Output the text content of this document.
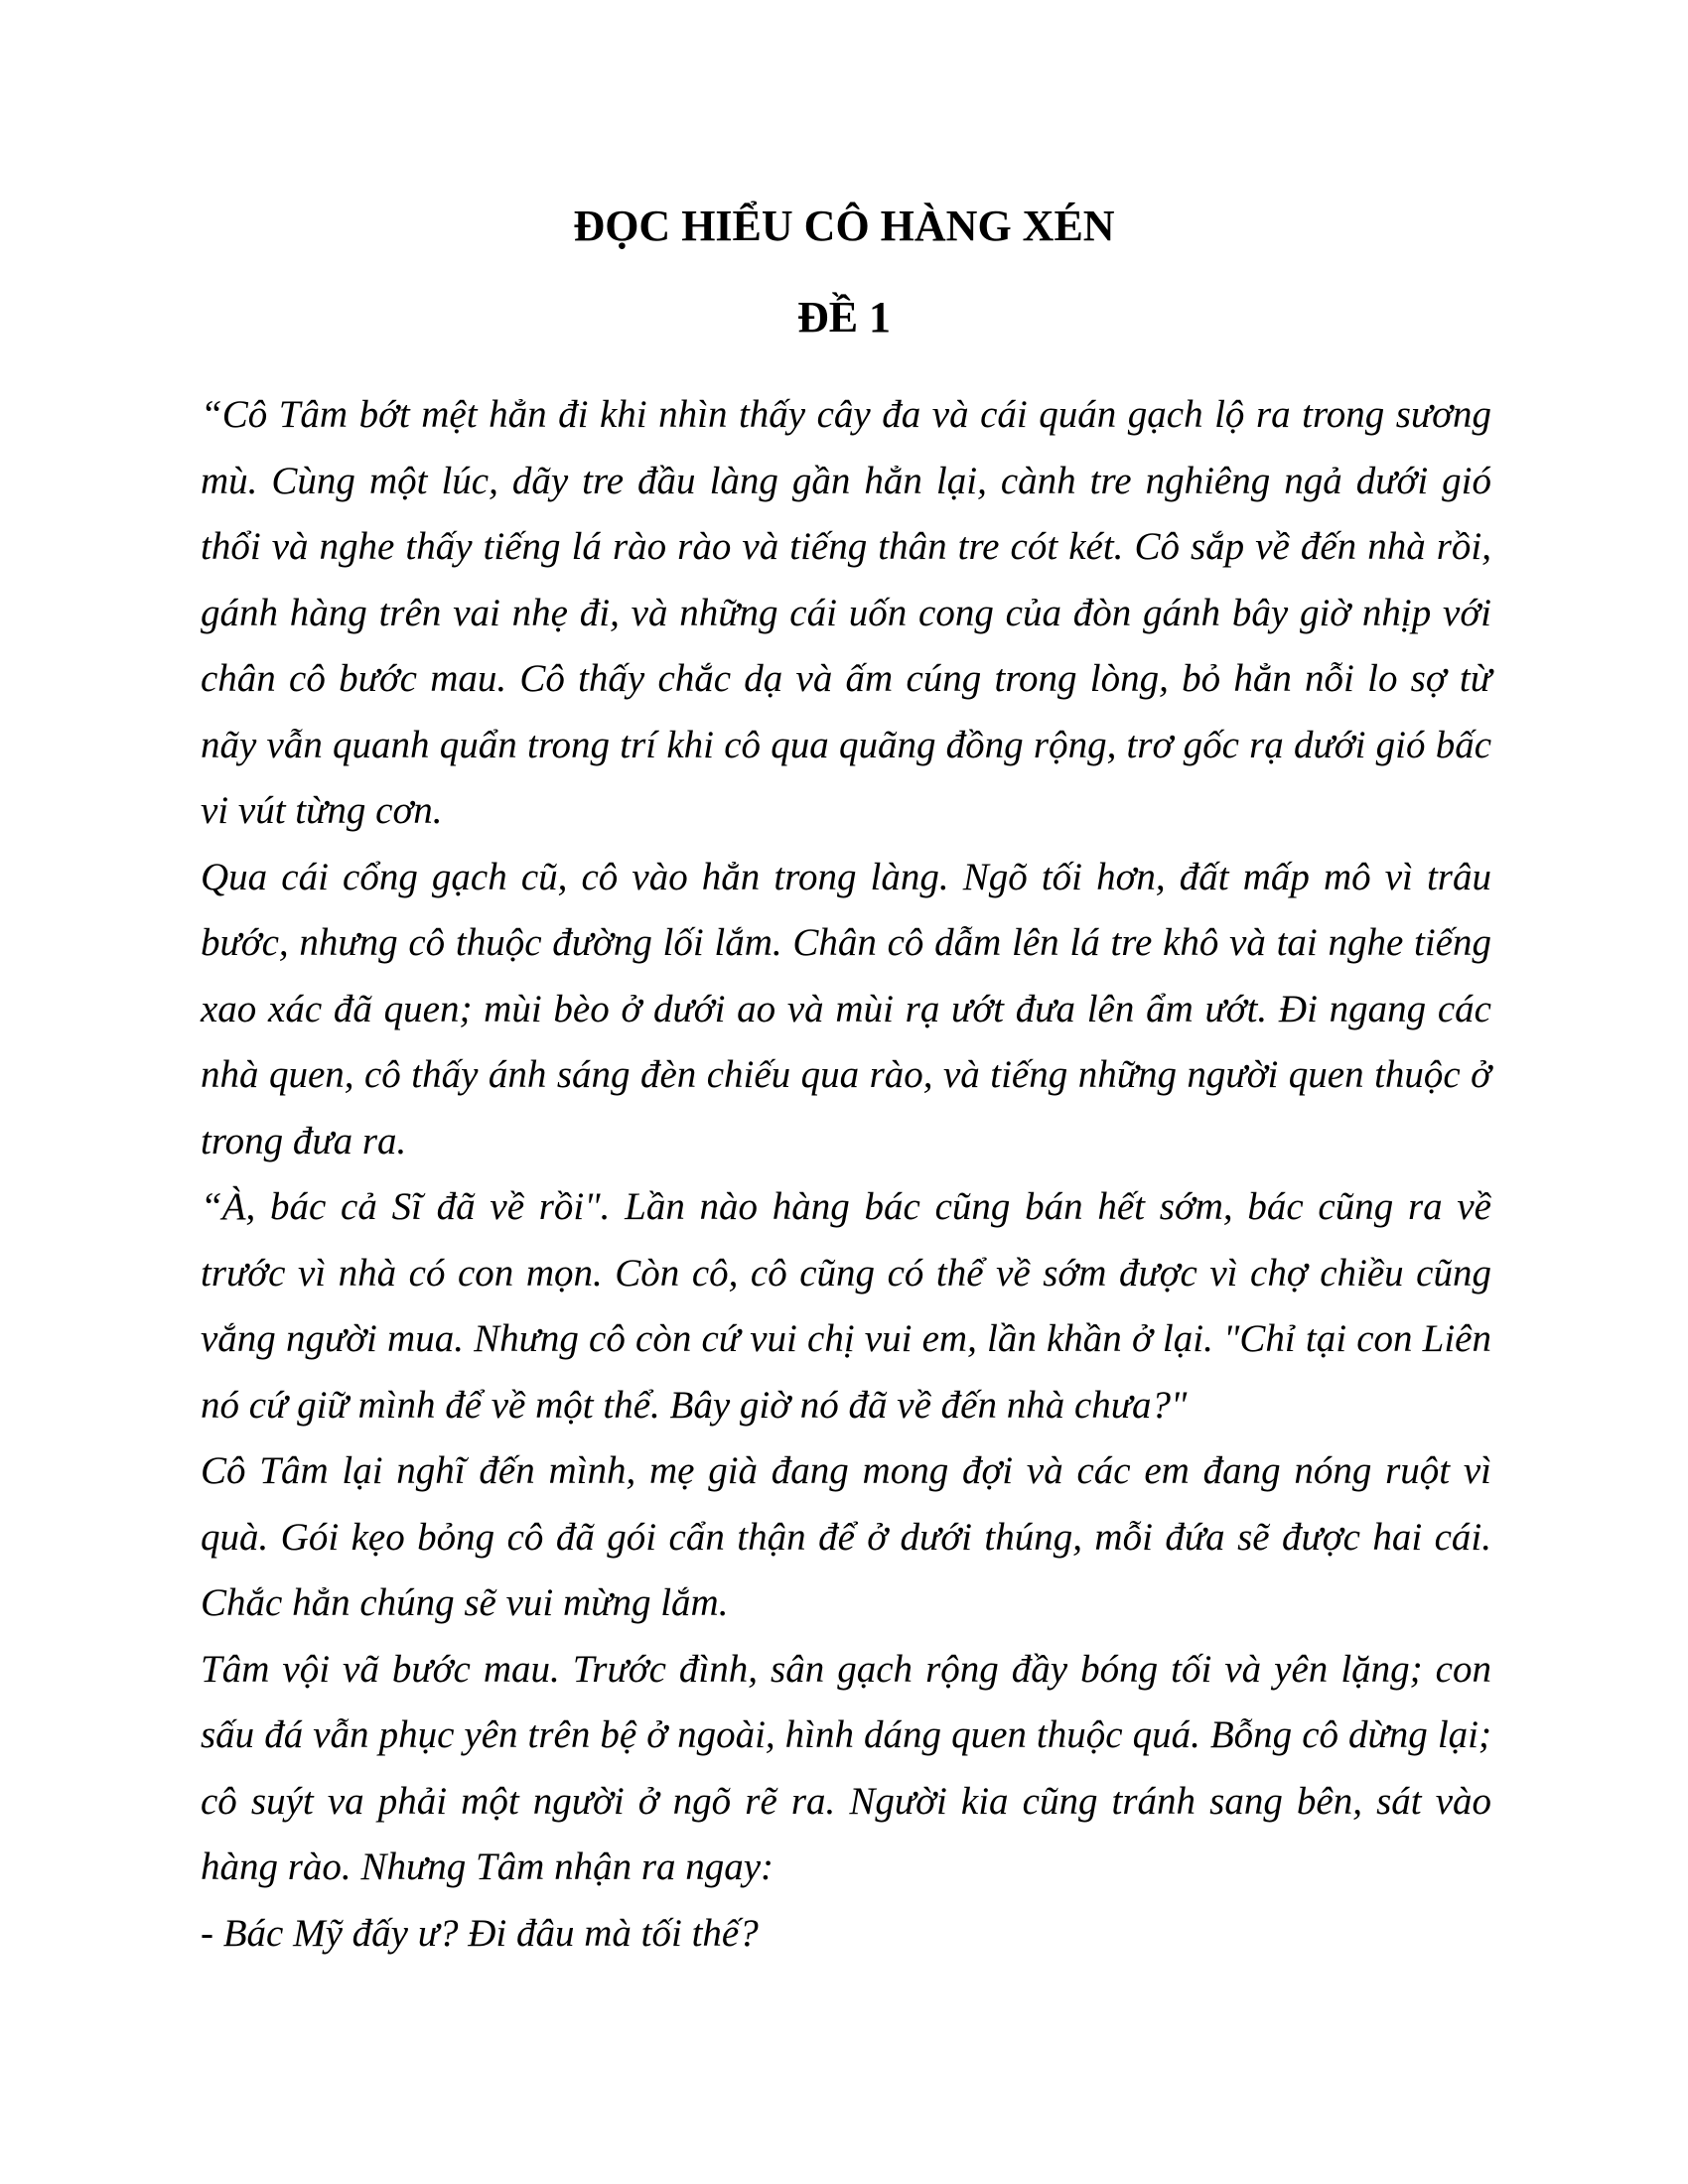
ĐỌC HIỂU CÔ HÀNG XÉN
ĐỀ 1

“Cô Tâm bớt mệt hẳn đi khi nhìn thấy cây đa và cái quán gạch lộ ra trong sương mù. Cùng một lúc, dãy tre đầu làng gần hẳn lại, cành tre nghiêng ngả dưới gió thổi và nghe thấy tiếng lá rào rào và tiếng thân tre cót két. Cô sắp về đến nhà rồi, gánh hàng trên vai nhẹ đi, và những cái uốn cong của đòn gánh bây giờ nhịp với chân cô bước mau. Cô thấy chắc dạ và ấm cúng trong lòng, bỏ hẳn nỗi lo sợ từ nãy vẫn quanh quẩn trong trí khi cô qua quãng đồng rộng, trơ gốc rạ dưới gió bấc vi vút từng cơn.

Qua cái cổng gạch cũ, cô vào hẳn trong làng. Ngõ tối hơn, đất mấp mô vì trâu bước, nhưng cô thuộc đường lối lắm. Chân cô dẫm lên lá tre khô và tai nghe tiếng xao xác đã quen; mùi bèo ở dưới ao và mùi rạ ướt đưa lên ẩm ướt. Đi ngang các nhà quen, cô thấy ánh sáng đèn chiếu qua rào, và tiếng những người quen thuộc ở trong đưa ra.

“À, bác cả Sĩ đã về rồi". Lần nào hàng bác cũng bán hết sớm, bác cũng ra về trước vì nhà có con mọn. Còn cô, cô cũng có thể về sớm được vì chợ chiều cũng vắng người mua. Nhưng cô còn cứ vui chị vui em, lần khần ở lại. "Chỉ tại con Liên nó cứ giữ mình để về một thể. Bây giờ nó đã về đến nhà chưa?"

Cô Tâm lại nghĩ đến mình, mẹ già đang mong đợi và các em đang nóng ruột vì quà. Gói kẹo bỏng cô đã gói cẩn thận để ở dưới thúng, mỗi đứa sẽ được hai cái. Chắc hẳn chúng sẽ vui mừng lắm.

Tâm vội vã bước mau. Trước đình, sân gạch rộng đầy bóng tối và yên lặng; con sấu đá vẫn phục yên trên bệ ở ngoài, hình dáng quen thuộc quá. Bỗng cô dừng lại; cô suýt va phải một người ở ngõ rẽ ra. Người kia cũng tránh sang bên, sát vào hàng rào. Nhưng Tâm nhận ra ngay:

- Bác Mỹ đấy ư? Đi đâu mà tối thế?
